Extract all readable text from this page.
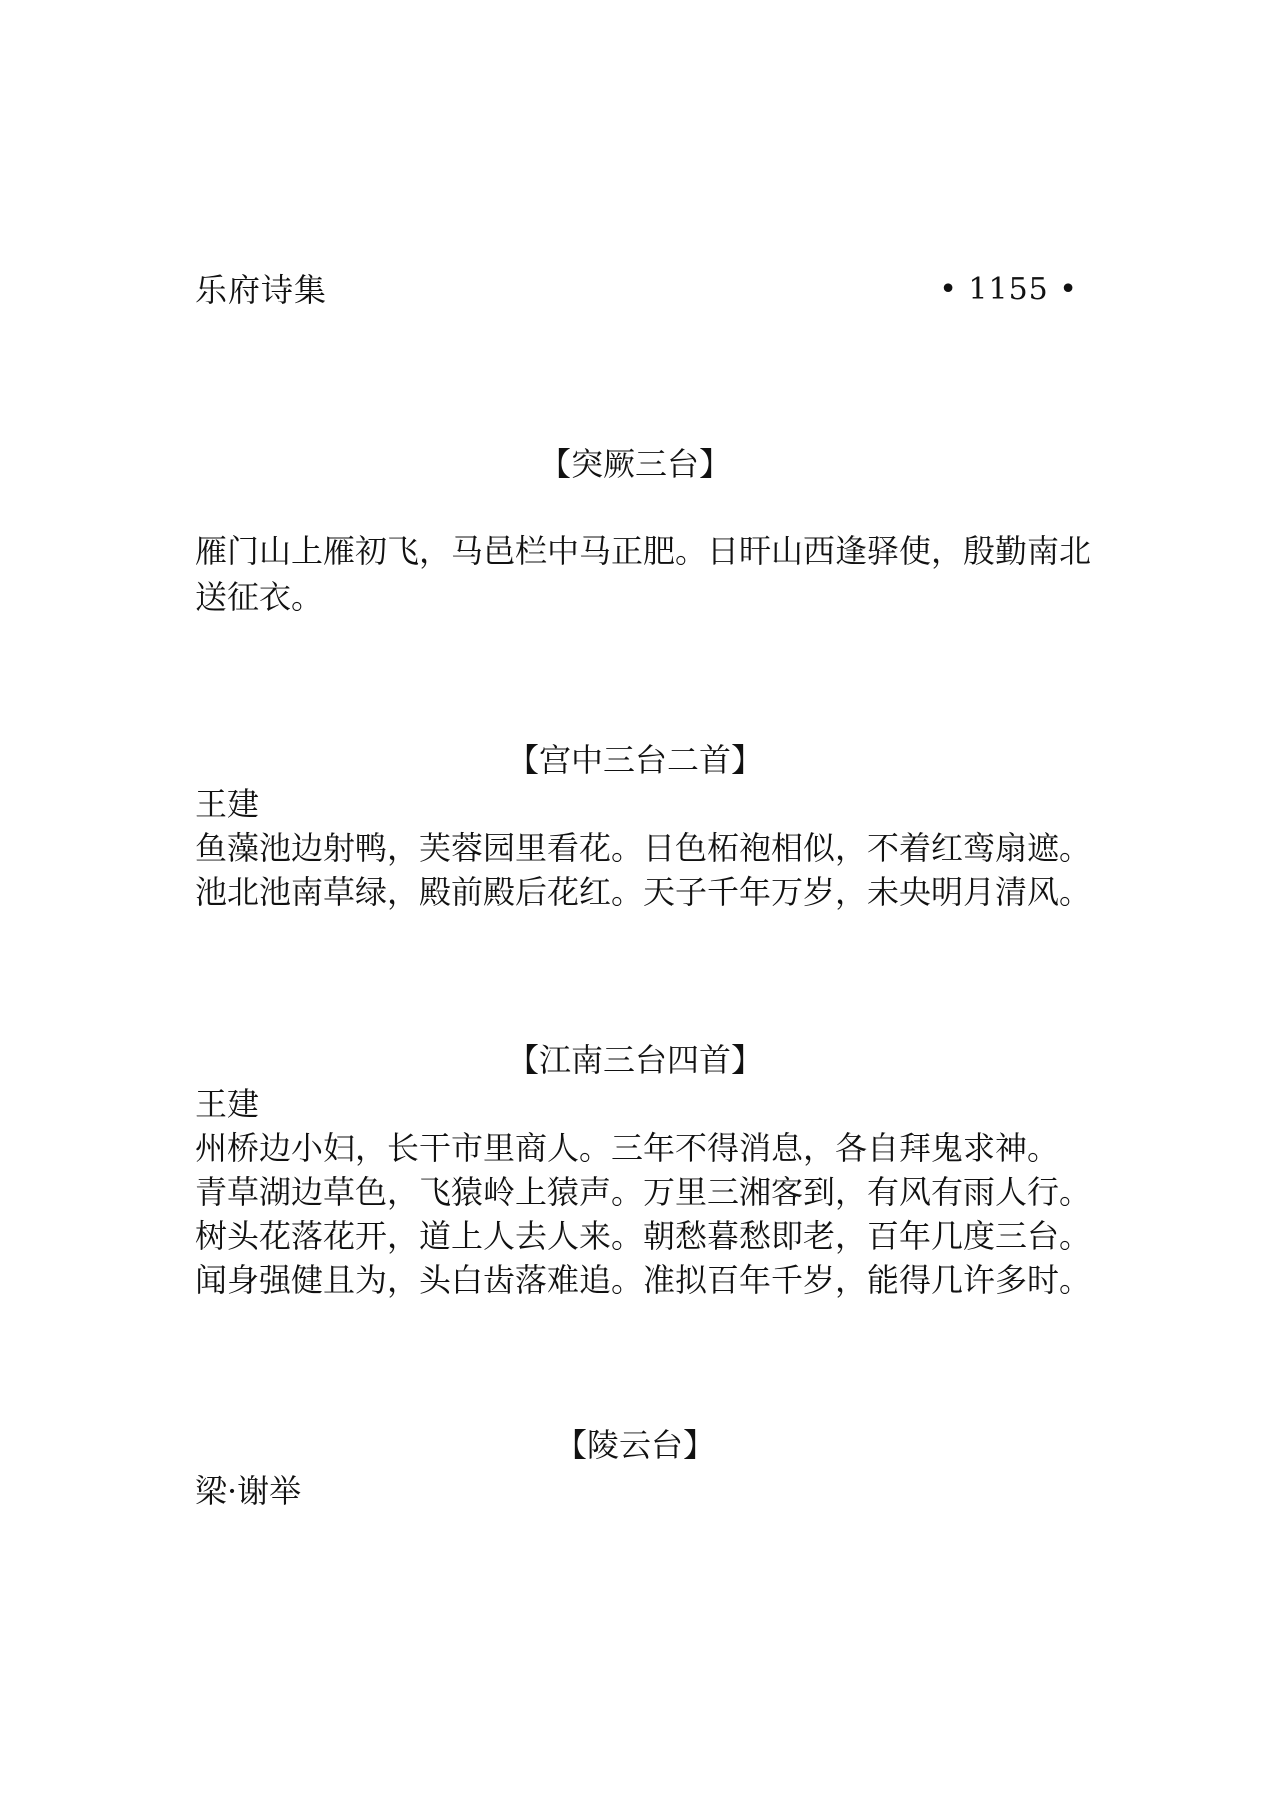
乐府诗集	• 1155 •
【突厥三台】
雁门山上雁初飞，马邑栏中马正肥。日旰山西逢驿使，殷勤南北送征衣。
【宫中三台二首】
王建
鱼藻池边射鸭，芙蓉园里看花。日色柘袍相似，不着红鸾扇遮。
池北池南草绿，殿前殿后花红。天子千年万岁，未央明月清风。
【江南三台四首】
王建
州桥边小妇，长干市里商人。三年不得消息，各自拜鬼求神。
青草湖边草色，飞猿岭上猿声。万里三湘客到，有风有雨人行。
树头花落花开，道上人去人来。朝愁暮愁即老，百年几度三台。
闻身强健且为，头白齿落难追。准拟百年千岁，能得几许多时。
【陵云台】
梁·谢举
